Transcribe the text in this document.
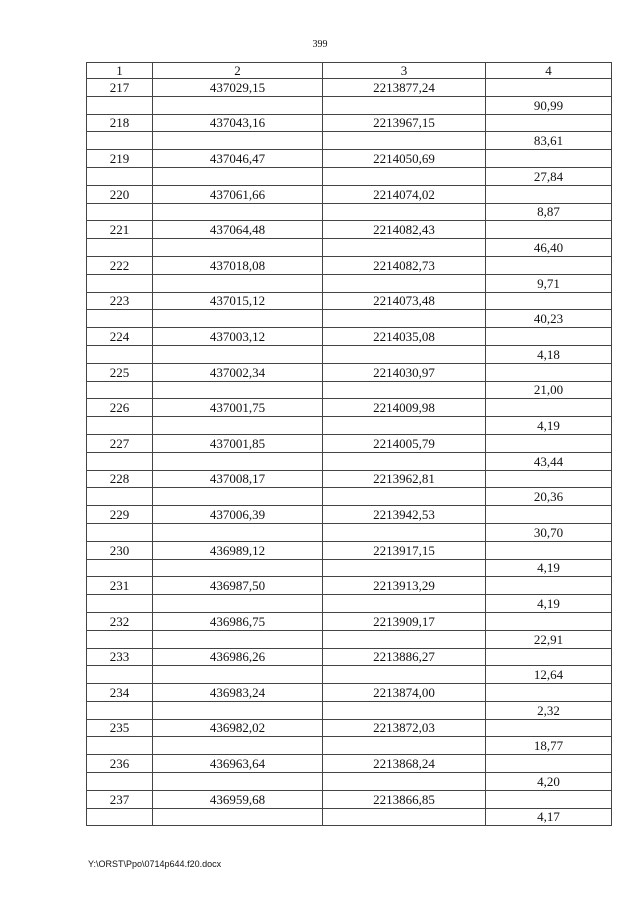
399
1	2	3	4
217	437029,15	2213877,24	
			90,99
218	437043,16	2213967,15	
			83,61
219	437046,47	2214050,69	
			27,84
220	437061,66	2214074,02	
			8,87
221	437064,48	2214082,43	
			46,40
222	437018,08	2214082,73	
			9,71
223	437015,12	2214073,48	
			40,23
224	437003,12	2214035,08	
			4,18
225	437002,34	2214030,97	
			21,00
226	437001,75	2214009,98	
			4,19
227	437001,85	2214005,79	
			43,44
228	437008,17	2213962,81	
			20,36
229	437006,39	2213942,53	
			30,70
230	436989,12	2213917,15	
			4,19
231	436987,50	2213913,29	
			4,19
232	436986,75	2213909,17	
			22,91
233	436986,26	2213886,27	
			12,64
234	436983,24	2213874,00	
			2,32
235	436982,02	2213872,03	
			18,77
236	436963,64	2213868,24	
			4,20
237	436959,68	2213866,85	
			4,17
Y:\ORST\Ppo\0714p644.f20.docx
